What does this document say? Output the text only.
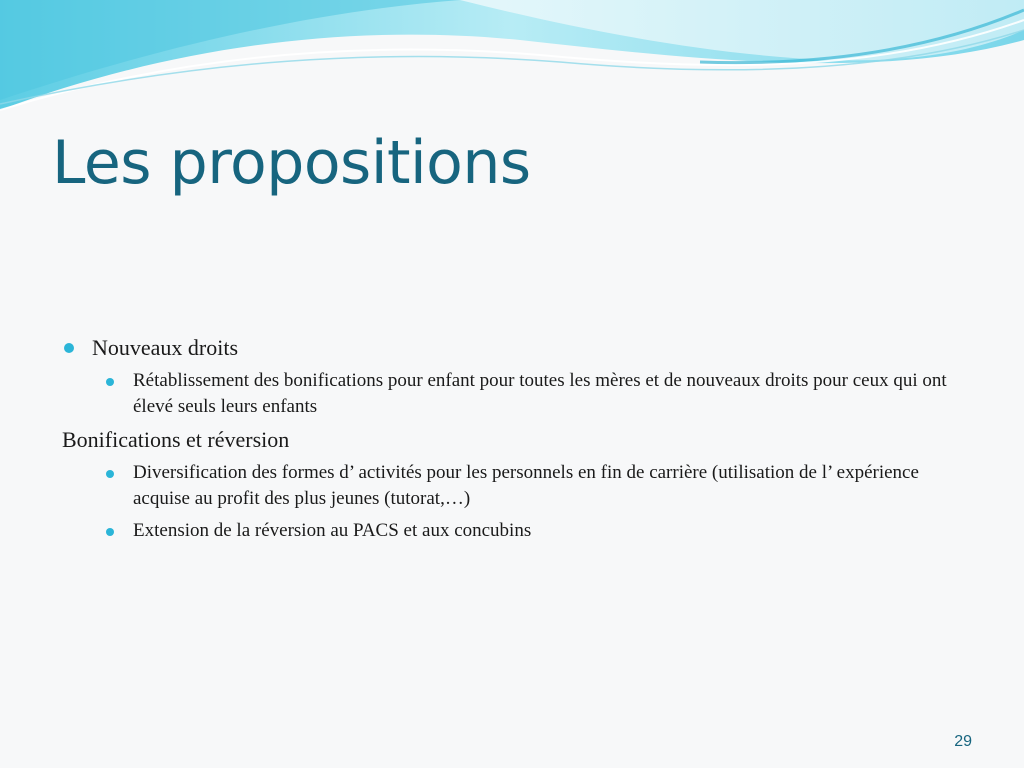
Les propositions
Nouveaux droits
Rétablissement des bonifications pour enfant pour toutes les mères et de nouveaux droits pour ceux qui ont élevé seuls leurs enfants
Bonifications et réversion
Diversification des formes d’ activités pour les personnels en fin de carrière (utilisation de l’ expérience acquise au profit des plus jeunes (tutorat,…)
Extension de la réversion au PACS et aux concubins
29
